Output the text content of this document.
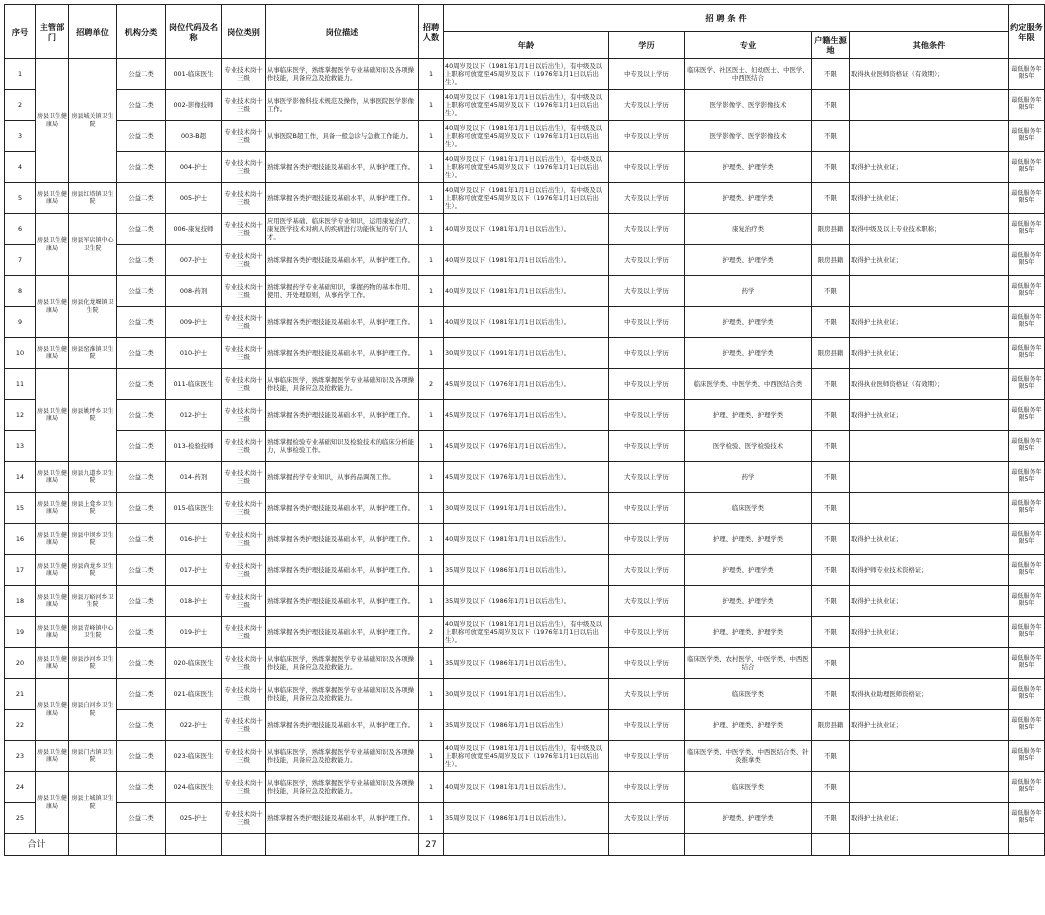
序号	主管部门	招聘单位	机构分类	岗位代码及名称	岗位类别	岗位描述	招聘人数	招 聘 条 件					约定服务年限
								年龄	学历	专业	户籍生源地	其他条件	
1	房县卫生健康局	房县城关镇卫生院	公益二类	001-临床医生	专业技术岗十三级	从事临床医学，熟练掌握医学专业基础知识及各项操作技能，具备应急及抢救能力。	1	40周岁及以下（1981年1月1日以后出生），有中级及以上职称可放宽至45周岁及以下（1976年1月1日以后出生）。	中专及以上学历	临床医学、社区医士、妇幼医士、中医学、中西医结合	不限	取得执业医师资格证（有效期）；	最低服务年限5年
2			公益二类	002-影像技师	专业技术岗十三级	从事医学影像科技术规范及操作，从事医院医学影像工作。	1	40周岁及以下（1981年1月1日以后出生），有中级及以上职称可放宽至45周岁及以下（1976年1月1日以后出生）。	大专及以上学历	医学影像学、医学影像技术	不限		最低服务年限5年
3			公益二类	003-B超	专业技术岗十三级	从事医院B超工作，具备一般急诊与急救工作能力。	1	40周岁及以下（1981年1月1日以后出生），有中级及以上职称可放宽至45周岁及以下（1976年1月1日以后出生）。	中专及以上学历	医学影像学、医学影像技术	不限		最低服务年限5年
4			公益二类	004-护士	专业技术岗十三级	熟练掌握各类护理技能及基础水平，从事护理工作。	1	40周岁及以下（1981年1月1日以后出生），有中级及以上职称可放宽至45周岁及以下（1976年1月1日以后出生）。	中专及以上学历	护理类、护理学类	不限	取得护士执业证；	最低服务年限5年
5	房县卫生健康局	房县红塔镇卫生院	公益二类	005-护士	专业技术岗十三级	熟练掌握各类护理技能及基础水平，从事护理工作。	1	40周岁及以下（1981年1月1日以后出生），有中级及以上职称可放宽至45周岁及以下（1976年1月1日以后出生）。	大专及以上学历	护理类、护理学类	不限	取得护士执业证；	最低服务年限5年
6	房县卫生健康局	房县军店镇中心卫生院	公益二类	006-康复技师	专业技术岗十三级	应用医学基础、临床医学专业知识，运用康复治疗、康复医学技术对病人的疾病进行功能恢复的专门人才。	1	40周岁及以下（1981年1月1日以后出生）。	大专及以上学历	康复治疗类	限房县籍	取得中级及以上专业技术职称；	最低服务年限5年
7			公益二类	007-护士	专业技术岗十三级	熟练掌握各类护理技能及基础水平，从事护理工作。	1	40周岁及以下（1981年1月1日以后出生）。	大专及以上学历	护理类、护理学类	限房县籍	取得护士执业证；	最低服务年限5年
8	房县卫生健康局	房县化龙堰镇卫生院	公益二类	008-药剂	专业技术岗十三级	熟练掌握药学专业基础知识，掌握药物的基本作用、使用、开处理原则，从事药学工作。	1	40周岁及以下（1981年1月1日以后出生）。	大专及以上学历	药学	不限		最低服务年限5年
9			公益二类	009-护士	专业技术岗十三级	熟练掌握各类护理技能及基础水平，从事护理工作。	1	40周岁及以下（1981年1月1日以后出生）。	中专及以上学历	护理类、护理学类	不限	取得护士执业证；	最低服务年限5年
10	房县卫生健康局	房县窑淮镇卫生院	公益二类	010-护士	专业技术岗十三级	熟练掌握各类护理技能及基础水平，从事护理工作。	1	30周岁及以下（1991年1月1日以后出生）。	中专及以上学历	护理类、护理学类	限房县籍	取得护士执业证；	最低服务年限5年
11	房县卫生健康局	房县姚坪乡卫生院	公益二类	011-临床医生	专业技术岗十三级	从事临床医学，熟练掌握医学专业基础知识及各项操作技能，具备应急及抢救能力。	2	45周岁及以下（1976年1月1日以后出生）。	中专及以上学历	临床医学类、中医学类、中西医结合类	不限	取得执业医师资格证（有效期）；	最低服务年限5年
12			公益二类	012-护士	专业技术岗十三级	熟练掌握各类护理技能及基础水平，从事护理工作。	1	45周岁及以下（1976年1月1日以后出生）。	中专及以上学历	护理、护理类、护理学类	不限	取得护士执业证；	最低服务年限5年
13			公益二类	013-检验技师	专业技术岗十三级	熟练掌握检验专业基础知识及检验技术的临床分析能力，从事检验工作。	1	45周岁及以下（1976年1月1日以后出生）。	中专及以上学历	医学检验、医学检验技术	不限		最低服务年限5年
14	房县卫生健康局	房县九道乡卫生院	公益二类	014-药剂	专业技术岗十三级	熟练掌握药学专业知识，从事药品调剂工作。	1	45周岁及以下（1976年1月1日以后出生）。	大专及以上学历	药学	不限		最低服务年限5年
15	房县卫生健康局	房县上龛乡卫生院	公益二类	015-临床医生	专业技术岗十三级	熟练掌握各类护理技能及基础水平，从事护理工作。	1	30周岁及以下（1991年1月1日以后出生）。	中专及以上学历	临床医学类	不限		最低服务年限5年
16	房县卫生健康局	房县中坝乡卫生院	公益二类	016-护士	专业技术岗十三级	熟练掌握各类护理技能及基础水平，从事护理工作。	1	40周岁及以下（1981年1月1日以后出生）。	中专及以上学历	护理、护理类、护理学类	不限	取得护士执业证；	最低服务年限5年
17	房县卫生健康局	房县尚龙乡卫生院	公益二类	017-护士	专业技术岗十三级	熟练掌握各类护理技能及基础水平，从事护理工作。	1	35周岁及以下（1986年1月1日以后出生）。	大专及以上学历	护理类、护理学类	不限	取得护师专业技术资格证；	最低服务年限5年
18	房县卫生健康局	房县万峪河乡卫生院	公益二类	018-护士	专业技术岗十三级	熟练掌握各类护理技能及基础水平，从事护理工作。	1	35周岁及以下（1986年1月1日以后出生）。	大专及以上学历	护理类、护理学类	不限	取得护士执业证；	最低服务年限5年
19	房县卫生健康局	房县青峰镇中心卫生院	公益二类	019-护士	专业技术岗十三级	熟练掌握各类护理技能及基础水平，从事护理工作。	2	40周岁及以下（1981年1月1日以后出生），有中级及以上职称可放宽至45周岁及以下（1976年1月1日以后出生）。	中专及以上学历	护理、护理类、护理学类	不限	取得护士执业证；	最低服务年限5年
20	房县卫生健康局	房县沙河乡卫生院	公益二类	020-临床医生	专业技术岗十三级	从事临床医学，熟练掌握医学专业基础知识及各项操作技能，具备应急及抢救能力。	1	35周岁及以下（1986年1月1日以后出生）。	中专及以上学历	临床医学类、农村医学、中医学类、中西医结合	不限		最低服务年限5年
21	房县卫生健康局	房县白河乡卫生院	公益二类	021-临床医生	专业技术岗十三级	从事临床医学，熟练掌握医学专业基础知识及各项操作技能，具备应急及抢救能力。	1	30周岁及以下（1991年1月1日以后出生）。	大专及以上学历	临床医学类	不限	取得执业助理医师资格证；	最低服务年限5年
22			公益二类	022-护士	专业技术岗十三级	熟练掌握各类护理技能及基础水平，从事护理工作。	1	35周岁及以下（1986年1月1日以后出生）	中专及以上学历	护理、护理类、护理学类	限房县籍	取得护士执业证；	最低服务年限5年
23	房县卫生健康局	房县门古镇卫生院	公益二类	023-临床医生	专业技术岗十三级	从事临床医学，熟练掌握医学专业基础知识及各项操作技能，具备应急及抢救能力。	1	40周岁及以下（1981年1月1日以后出生），有中级及以上职称可放宽至45周岁及以下（1976年1月1日以后出生）。	中专及以上学历	临床医学类、中医学类、中西医结合类、针灸推拿类	不限		最低服务年限5年
24	房县卫生健康局	房县土城镇卫生院	公益二类	024-临床医生	专业技术岗十三级	从事临床医学，熟练掌握医学专业基础知识及各项操作技能，具备应急及抢救能力。	1	40周岁及以下（1981年1月1日以后出生）。	中专及以上学历	临床医学类	不限		最低服务年限5年
25			公益二类	025-护士	专业技术岗十三级	熟练掌握各类护理技能及基础水平，从事护理工作。	1	35周岁及以下（1986年1月1日以后出生）。	大专及以上学历	护理类、护理学类	不限	取得护士执业证；	最低服务年限5年
合计							27						
